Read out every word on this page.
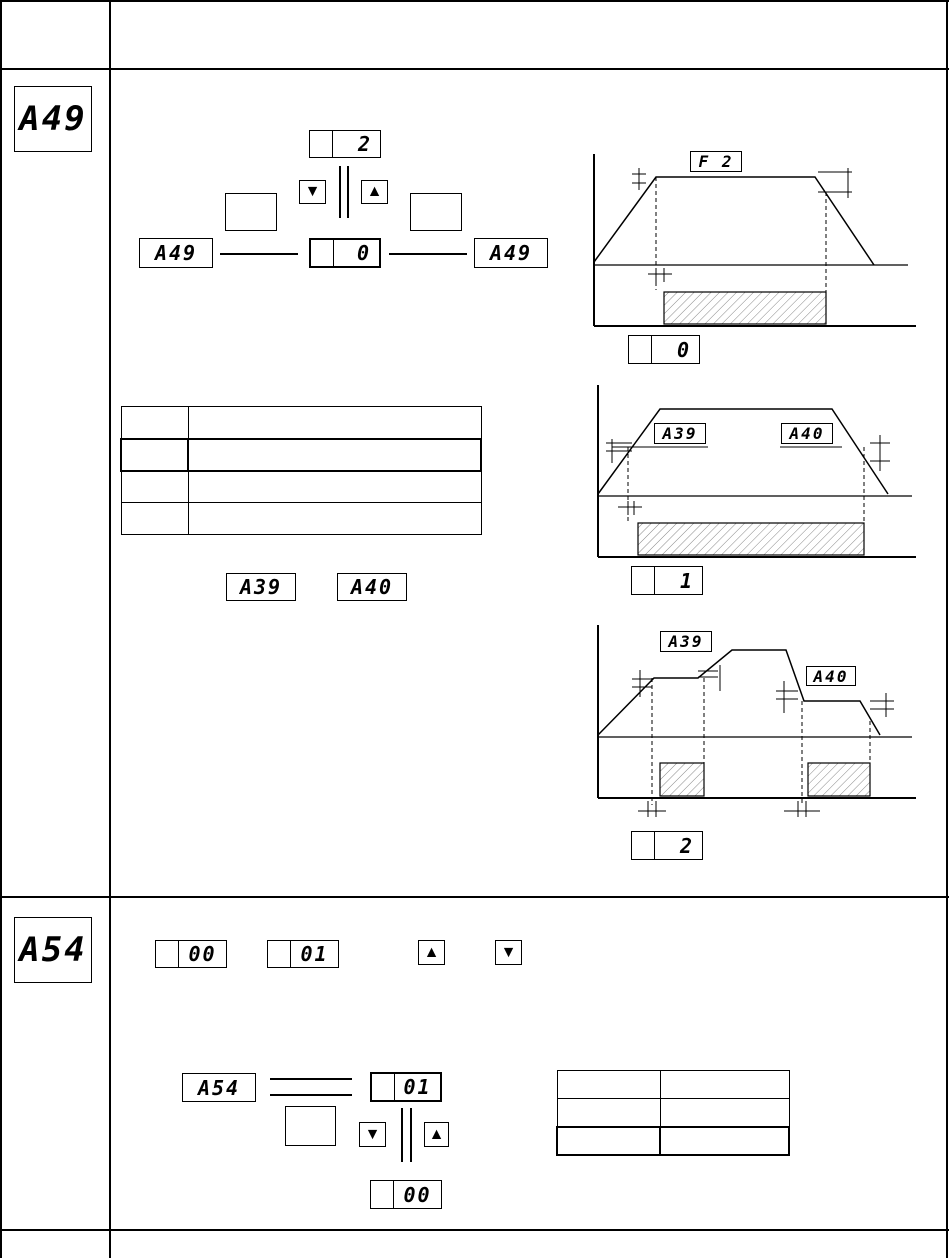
A49
2
▼	▲
A49	0	A49

A39	A40
F 2
0
A39	A40
1
A39
A40
2
A54	00	01	▲	▼
A54	01
▼	▲
00
